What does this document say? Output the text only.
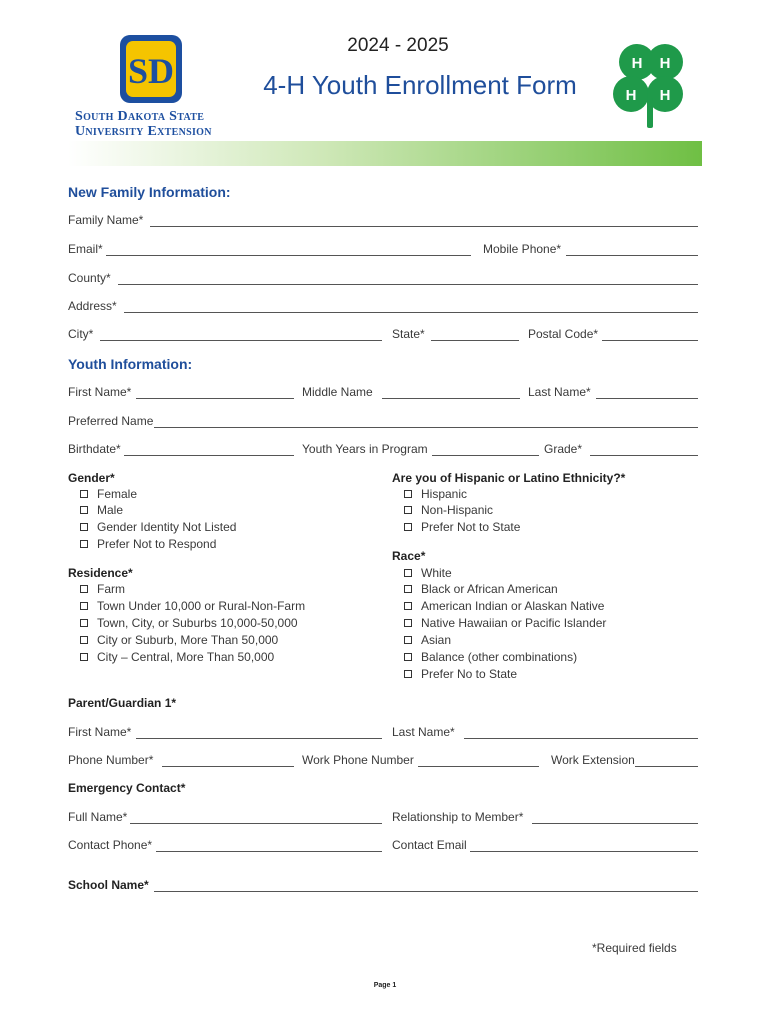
SD
South Dakota State
University Extension
2024 - 2025
4-H Youth Enrollment Form
H H
H H
New Family Information:
Family Name*
Email*	Mobile Phone*
County*
Address*
City*	State*	Postal Code*
Youth Information:
First Name*	Middle Name	Last Name*
Preferred Name
Birthdate*	Youth Years in Program	Grade*
Gender*
Female
Male
Gender Identity Not Listed
Prefer Not to Respond
Are you of Hispanic or Latino Ethnicity?*
Hispanic
Non-Hispanic
Prefer Not to State
Race*
White
Black or African American
American Indian or Alaskan Native
Native Hawaiian or Pacific Islander
Asian
Balance (other combinations)
Prefer No to State
Residence*
Farm
Town Under 10,000 or Rural-Non-Farm
Town, City, or Suburbs 10,000-50,000
City or Suburb, More Than 50,000
City – Central, More Than 50,000
Parent/Guardian 1*
First Name*	Last Name*
Phone Number*	Work Phone Number	Work Extension
Emergency Contact*
Full Name*	Relationship to Member*
Contact Phone*	Contact Email
School Name*
*Required fields
Page 1
